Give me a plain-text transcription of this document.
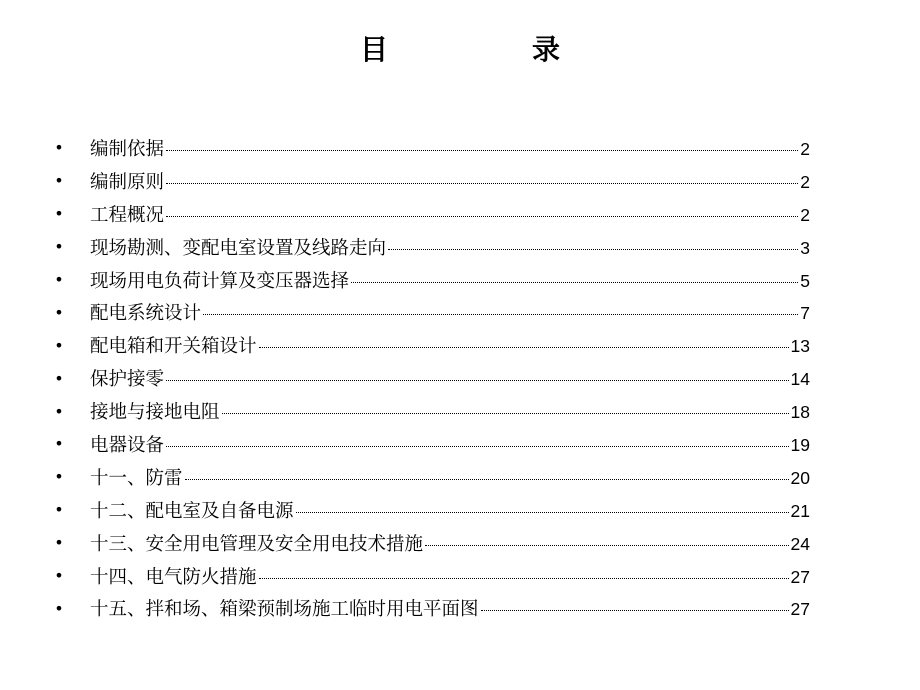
目　录
• 编制依据	2
• 编制原则	2
• 工程概况	2
• 现场勘测、变配电室设置及线路走向	3
• 现场用电负荷计算及变压器选择	5
• 配电系统设计	7
• 配电箱和开关箱设计	13
• 保护接零	14
• 接地与接地电阻	18
• 电器设备	19
• 十一、防雷	20
• 十二、配电室及自备电源	21
• 十三、安全用电管理及安全用电技术措施	24
• 十四、电气防火措施	27
• 十五、拌和场、箱梁预制场施工临时用电平面图	27
